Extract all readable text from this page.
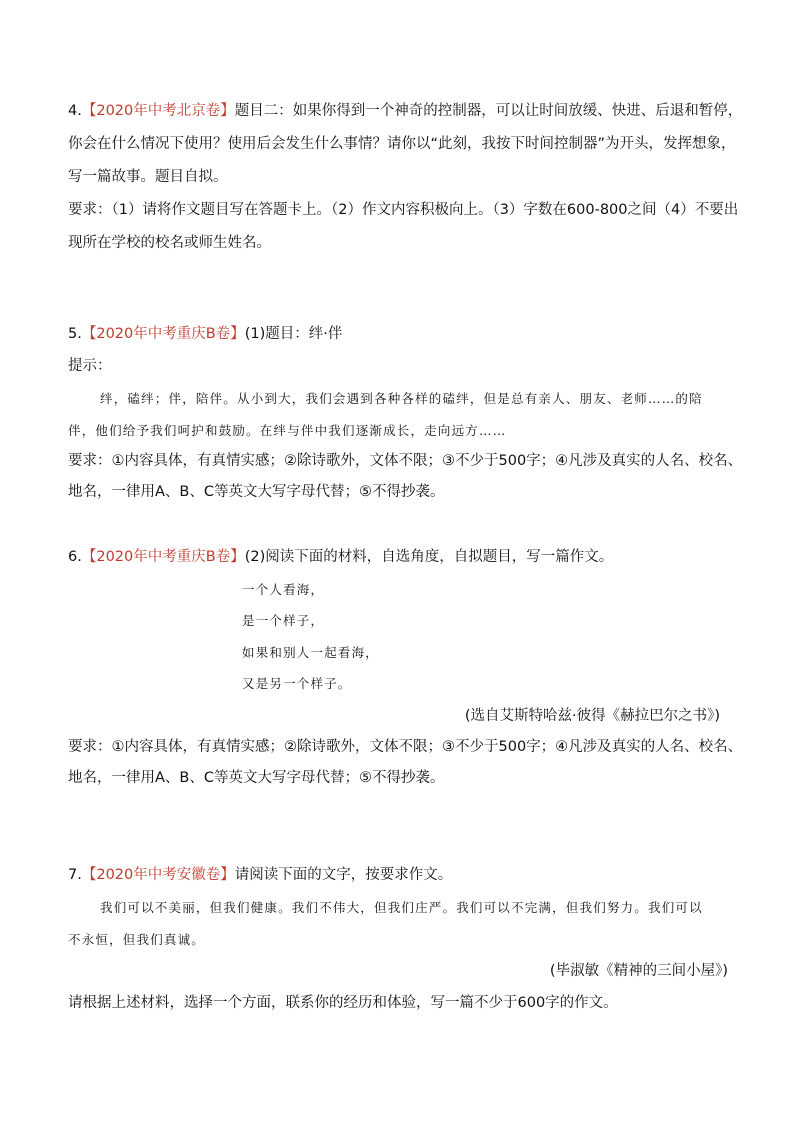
4.【2020年中考北京卷】题目二：如果你得到一个神奇的控制器，可以让时间放缓、快进、后退和暂停，
你会在什么情况下使用？使用后会发生什么事情？请你以“此刻，我按下时间控制器”为开头，发挥想象，
写一篇故事。题目自拟。
要求：（1）请将作文题目写在答题卡上。（2）作文内容积极向上。（3）字数在600-800之间（4）不要出
现所在学校的校名或师生姓名。
5.【2020年中考重庆B卷】(1)题目：绊·伴
提示：
绊，磕绊；伴，陪伴。从小到大，我们会遇到各种各样的磕绊，但是总有亲人、朋友、老师……的陪
伴，他们给予我们呵护和鼓励。在绊与伴中我们逐渐成长，走向远方……
要求：①内容具体，有真情实感；②除诗歌外，文体不限；③不少于500字；④凡涉及真实的人名、校名、
地名，一律用A、B、C等英文大写字母代替；⑤不得抄袭。
6.【2020年中考重庆B卷】(2)阅读下面的材料，自选角度，自拟题目，写一篇作文。
一个人看海，
是一个样子，
如果和别人一起看海，
又是另一个样子。
(选自艾斯特哈兹·彼得《赫拉巴尔之书》)
要求：①内容具体，有真情实感；②除诗歌外，文体不限；③不少于500字；④凡涉及真实的人名、校名、
地名，一律用A、B、C等英文大写字母代替；⑤不得抄袭。
7.【2020年中考安徽卷】请阅读下面的文字，按要求作文。
我们可以不美丽，但我们健康。我们不伟大，但我们庄严。我们可以不完满，但我们努力。我们可以
不永恒，但我们真诚。
(毕淑敏《精神的三间小屋》)
请根据上述材料，选择一个方面，联系你的经历和体验，写一篇不少于600字的作文。
